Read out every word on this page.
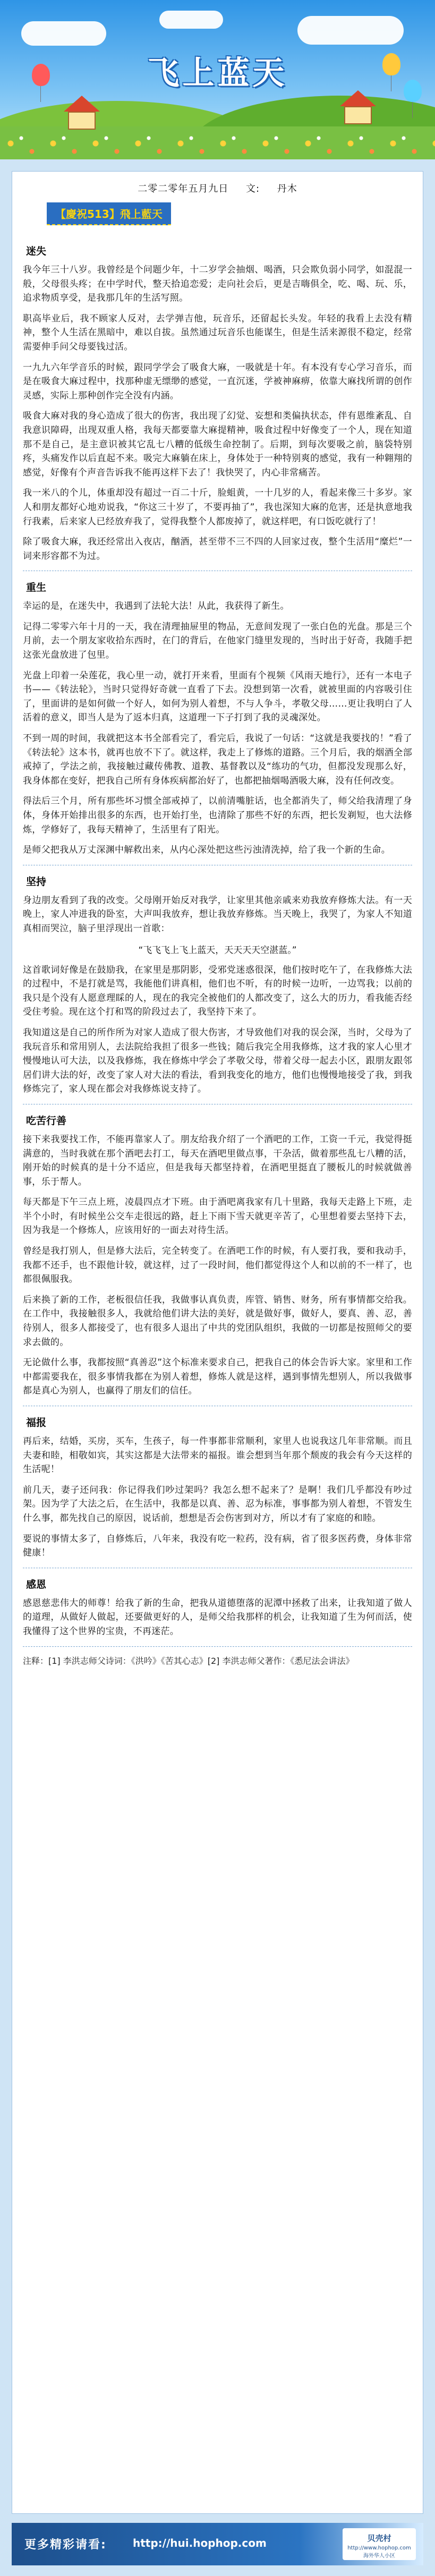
飞上蓝天
二零二零年五月九日 文: 丹木
【慶祝513】飛上藍天
迷失

我今年三十八岁。我曾经是个问题少年，十二岁学会抽烟、喝酒，只会欺负弱小同学，如混混一般，父母很头疼；在中学时代，整天拾追恋爱；走向社会后，更是吉嗨俱全，吃、喝、玩、乐，追求物质享受，是我那几年的生活写照。

职高毕业后，我不顾家人反对，去学弹吉他，玩音乐，还留起长头发。年轻的我看上去没有精神，整个人生活在黑暗中，难以自拔。虽然通过玩音乐也能谋生，但是生活来源很不稳定，经常需要伸手问父母要钱过活。

一九九六年学音乐的时候，跟同学学会了吸食大麻，一吸就是十年。有本没有专心学习音乐，而是在吸食大麻过程中，找那种虚无缥缈的感觉，一直沉迷，学被神麻痹，依靠大麻找所谓的创作灵感，实际上那种创作完全没有内涵。

吸食大麻对我的身心造成了很大的伤害，我出现了幻觉、妄想和类偏执状态，伴有恩维紊乱、自我意识障碍，出现双重人格，我每天都要靠大麻提精神，吸食过程中好像变了一个人，现在知道那不是自己，是主意识被其它乱七八糟的低级生命控制了。后期，到每次要吸之前，脑袋特别疼，头痛发作以后直起不来。吸完大麻躺在床上，身体处于一种特别爽的感觉，我有一种翱翔的感觉，好像有个声音告诉我不能再这样下去了！我快哭了，内心非常痛苦。

我一米八的个儿，体重却没有超过一百二十斤，脸蛆黄，一十几岁的人，看起来像三十多岁。家人和朋友都好心地劝说我，“你这三十岁了，不要再抽了”，我也深知大麻的危害，还是执意地我行我素，后来家人已经放弃我了，觉得我整个人都废掉了，就这样吧，有口饭吃就行了！

除了吸食大麻，我还经常出入夜店，酗酒，甚至带不三不四的人回家过夜，整个生活用“糜烂”一词来形容都不为过。

重生

幸运的是，在迷失中，我遇到了法轮大法！从此，我获得了新生。

记得二零零六年十月的一天，我在清理抽屉里的物品，无意间发现了一张白色的光盘。那是三个月前，去一个朋友家收拾东西时，在门的背后，在他家门缝里发现的，当时出于好奇，我随手把这张光盘放进了包里。

光盘上印着一朵莲花，我心里一动，就打开来看，里面有个视频《风雨天地行》，还有一本电子书——《转法轮》，当时只觉得好奇就一直看了下去。没想到第一次看，就被里面的内容吸引住了，里面讲的是如何做一个好人，如何为别人着想，不与人争斗，孝敬父母……更让我明白了人活着的意义，即当人是为了返本归真，这道理一下子打到了我的灵魂深处。

不到一周的时间，我就把这本书全部看完了，看完后，我说了一句话：“这就是我要找的！”看了《转法轮》这本书，就再也放不下了。就这样，我走上了修炼的道路。三个月后，我的烟酒全部戒掉了，学法之前，我接触过藏传佛教、道教、基督教以及“练功的气功，但都没发现那么好，我身体都在变好，把我自己所有身体疾病都治好了，也都把抽烟喝酒吸大麻，没有任何改变。

得法后三个月，所有那些坏习惯全部戒掉了，以前清嘴脏话，也全都消失了，师父给我清理了身体，身体开始排出很多的东西，也开始打坐，也清除了那些不好的东西，把长发剃短，也大法修炼，学修好了，我每天精神了，生活里有了阳光。

是师父把我从万丈深渊中解救出来，从内心深处把这些污浊清洗掉，给了我一个新的生命。

坚持

身边朋友看到了我的改变。父母刚开始反对我学，让家里其他亲戚来劝我放弃修炼大法。有一天晚上，家人冲进我的卧室，大声叫我放弃，想让我放弃修炼。当天晚上，我哭了，为家人不知道真相而哭泣，脑子里浮现出一首歌：

“飞飞飞上飞上蓝天，天天天天空湛蓝。”

这首歌词好像是在鼓励我，在家里是那阴影，受邪党迷惑很深，他们按时吃午了，在我修炼大法的过程中，不是打就是骂，我能他们讲真相，他们也不听，有的时候一边听，一边骂我；以前的我只是个没有人愿意理睬的人，现在的我完全被他们的人都改变了，这么大的历力，看我能否经受住考验。现在这个打和骂的阶段过去了，我坚持下来了。

我知道这是自己的所作所为对家人造成了很大伤害，才导致他们对我的误会深，当时，父母为了我玩音乐和常用别人，去法院给我担了很多一些钱；随后我完全用我修炼，这才我的家人心里才慢慢地认可大法，以及我修炼，我在修炼中学会了孝敬父母，带着父母一起去小区，跟朋友跟邻居们讲大法的好，改变了家人对大法的看法，看到我变化的地方，他们也慢慢地接受了我，到我修炼完了，家人现在都会对我修炼说支持了。

吃苦行善

接下来我要找工作，不能再靠家人了。朋友给我介绍了一个酒吧的工作，工资一千元，我觉得挺满意的，当时我就在那个酒吧去打工，每天在酒吧里做点事，干杂活，做着那些乱七八糟的活，刚开始的时候真的是十分不适应，但是我每天都坚持着，在酒吧里挺直了腰板儿的时候就做善事，乐于帮人。

每天都是下午三点上班，凌晨四点才下班。由于酒吧离我家有几十里路，我每天走路上下班，走半个小时，有时候坐公交车走很远的路，赶上下雨下雪天就更辛苦了，心里想着要去坚持下去，因为我是一个修炼人，应该用好的一面去对待生活。

曾经是我打别人，但是修大法后，完全转变了。在酒吧工作的时候，有人要打我，要和我动手，我都不还手，也不跟他计较，就这样，过了一段时间，他们都觉得这个人和以前的不一样了，也都很佩服我。

后来换了新的工作，老板很信任我，我做事认真负责，库管、销售、财务，所有事情都交给我。在工作中，我接触很多人，我就给他们讲大法的美好，就是做好事，做好人，要真、善、忍，善待别人，很多人都接受了，也有很多人退出了中共的党团队组织，我做的一切都是按照师父的要求去做的。

无论做什么事，我都按照“真善忍”这个标准来要求自己，把我自己的体会告诉大家。家里和工作中都需要我在，很多事情我都在为别人着想，修炼人就是这样，遇到事情先想别人，所以我做事都是真心为别人，也赢得了朋友们的信任。

福报

再后来，结婚，买房，买车，生孩子，每一件事都非常顺利，家里人也说我这几年非常顺。而且夫妻和睦，相敬如宾，其实这都是大法带来的福报。谁会想到当年那个颓废的我会有今天这样的生活呢！

前几天，妻子还问我：你记得我们吵过架吗？我怎么想不起来了？是啊！我们几乎都没有吵过架。因为学了大法之后，在生活中，我都是以真、善、忍为标准，事事都为别人着想，不管发生什么事，都先找自己的原因，说话前，想想是否会伤害到对方，所以才有了家庭的和睦。

要说的事情太多了，自修炼后，八年来，我没有吃一粒药，没有病，省了很多医药费，身体非常健康！

感恩

感恩慈悲伟大的师尊！给我了新的生命，把我从道德堕落的泥潭中拯救了出来，让我知道了做人的道理，从做好人做起，还要做更好的人，是师父给我那样的机会，让我知道了生为何而活，使我懂得了这个世界的宝贵，不再迷茫。

注释：[1] 李洪志师父诗词：《洪吟》《苦其心志》[2] 李洪志师父著作：《悉尼法会讲法》

更多精彩请看: http://hui.hophop.com	贝壳村
http://www.hophop.com
海外华人小区
